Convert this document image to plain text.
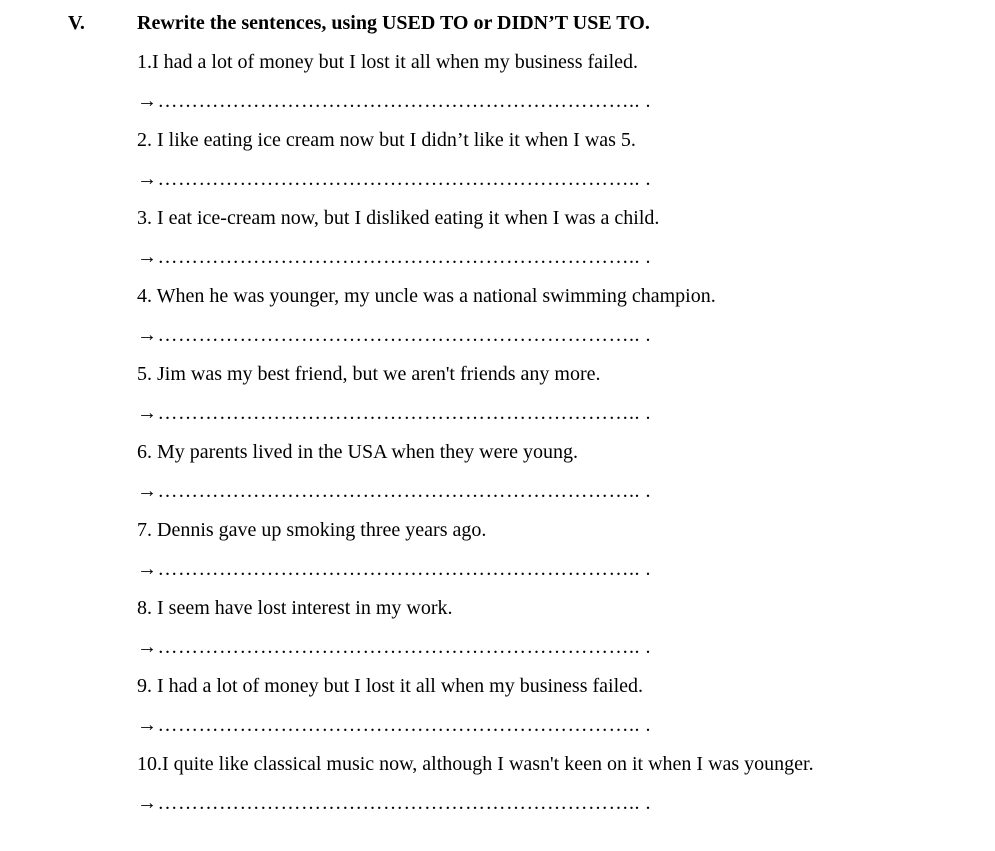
V.	Rewrite the sentences, using USED TO or DIDN’T USE TO.

1.I had a lot of money but I lost it all when my business failed.

→…………………………………………………………….. .

2. I like eating ice cream now but I didn’t like it when I was 5.

→…………………………………………………………….. .

3. I eat ice-cream now, but I disliked eating it when I was a child.

→…………………………………………………………….. .

4. When he was younger, my uncle was a national swimming champion.

→…………………………………………………………….. .

5. Jim was my best friend, but we aren't friends any more.

→…………………………………………………………….. .

6. My parents lived in the USA when they were young.

→…………………………………………………………….. .

7. Dennis gave up smoking three years ago.

→…………………………………………………………….. .

8. I seem have lost interest in my work.

→…………………………………………………………….. .

9. I had a lot of money but I lost it all when my business failed.

→…………………………………………………………….. .

10.I quite like classical music now, although I wasn't keen on it when I was younger.

→…………………………………………………………….. .
